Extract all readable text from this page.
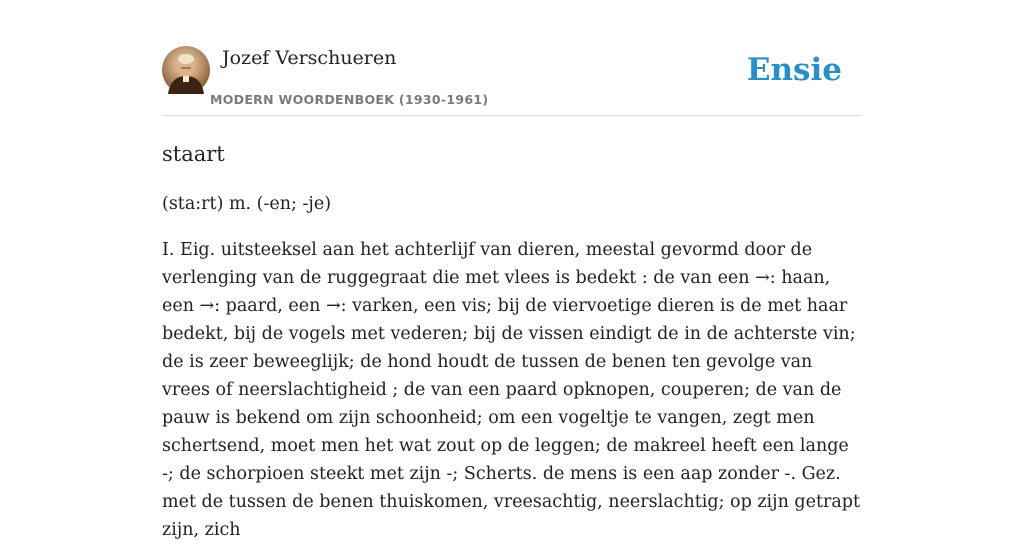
Jozef Verschueren
MODERN WOORDENBOEK (1930-1961)
Ensie
staart

(sta:rt) m. (-en; -je)

I. Eig. uitsteeksel aan het achterlijf van dieren, meestal gevormd door de verlenging van de ruggegraat die met vlees is bedekt : de van een →: haan, een →: paard, een →: varken, een vis; bij de viervoetige dieren is de met haar bedekt, bij de vogels met vederen; bij de vissen eindigt de in de achterste vin; de is zeer beweeglijk; de hond houdt de tussen de benen ten gevolge van vrees of neerslachtigheid ; de van een paard opknopen, couperen; de van de pauw is bekend om zijn schoonheid; om een vogeltje te vangen, zegt men schertsend, moet men het wat zout op de leggen; de makreel heeft een lange -; de schorpioen steekt met zijn -; Scherts. de mens is een aap zonder -. Gez. met de tussen de benen thuiskomen, vreesachtig, neerslachtig; op zijn getrapt zijn, zich
